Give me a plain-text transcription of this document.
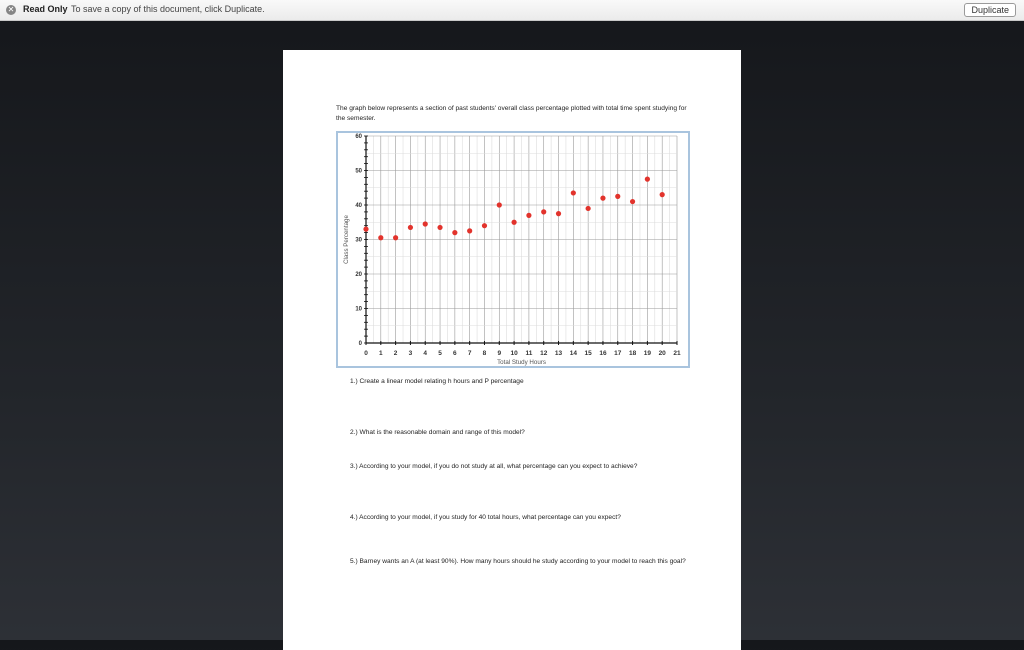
✕ Read Only To save a copy of this document, click Duplicate.	Duplicate
The graph below represents a section of past students' overall class percentage plotted with total time spent studying for the semester.
0 1 2 3 4 5 6 7 8 9 10 11 12 13 14 15 16 17 18 19 20 21
0
10
20
30
40
50
60
Total Study Hours
Class Percentage
1.) Create a linear model relating h hours and P percentage
2.) What is the reasonable domain and range of this model?
3.) According to your model, if you do not study at all, what percentage can you expect to achieve?
4.) According to your model, if you study for 40 total hours, what percentage can you expect?
5.) Barney wants an A (at least 90%). How many hours should he study according to your model to reach this goal?
